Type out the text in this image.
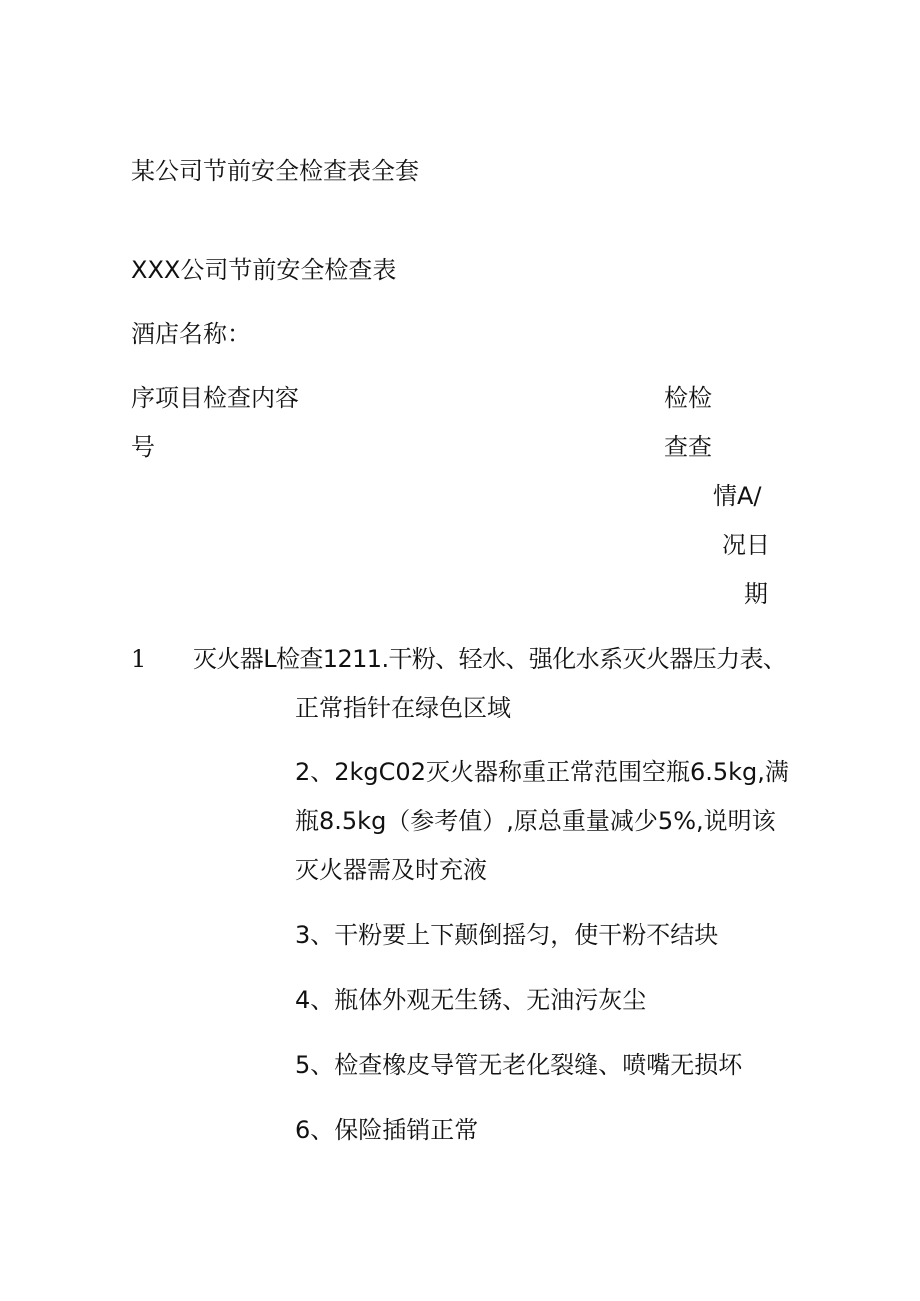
某公司节前安全检查表全套
XXX公司节前安全检查表
酒店名称：
序项目检查内容
号
检检
查查
情A/
况日
期
1 灭火器L检查1211.干粉、轻水、强化水系灭火器压力表、
正常指针在绿色区域
2、2kgC02灭火器称重正常范围空瓶6.5kg,满
瓶8.5kg（参考值）,原总重量减少5%,说明该
灭火器需及时充液
3、干粉要上下颠倒摇匀，使干粉不结块
4、瓶体外观无生锈、无油污灰尘
5、检查橡皮导管无老化裂缝、喷嘴无损坏
6、保险插销正常
